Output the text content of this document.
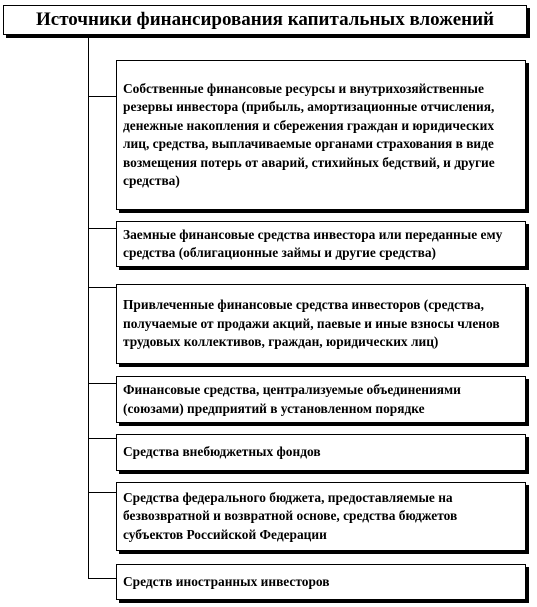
Источники финансирования капитальных вложений
Собственные финансовые ресурсы и внутрихозяйственные резервы инвестора (прибыль, амортизационные отчисления, денежные накопления и сбережения граждан и юридических лиц, средства, выплачиваемые органами страхования в виде возмещения потерь от аварий, стихийных бедствий, и другие средства)
Заемные финансовые средства инвестора или переданные ему средства (облигационные займы и другие средства)
Привлеченные финансовые средства инвесторов (средства, получаемые от продажи акций, паевые и иные взносы членов трудовых коллективов, граждан, юридических лиц)
Финансовые средства, централизуемые объединениями (союзами) предприятий в установленном порядке
Средства внебюджетных фондов
Средства федерального бюджета, предоставляемые на безвозвратной и возвратной основе, средства бюджетов субъектов Российской Федерации
Средств иностранных инвесторов
